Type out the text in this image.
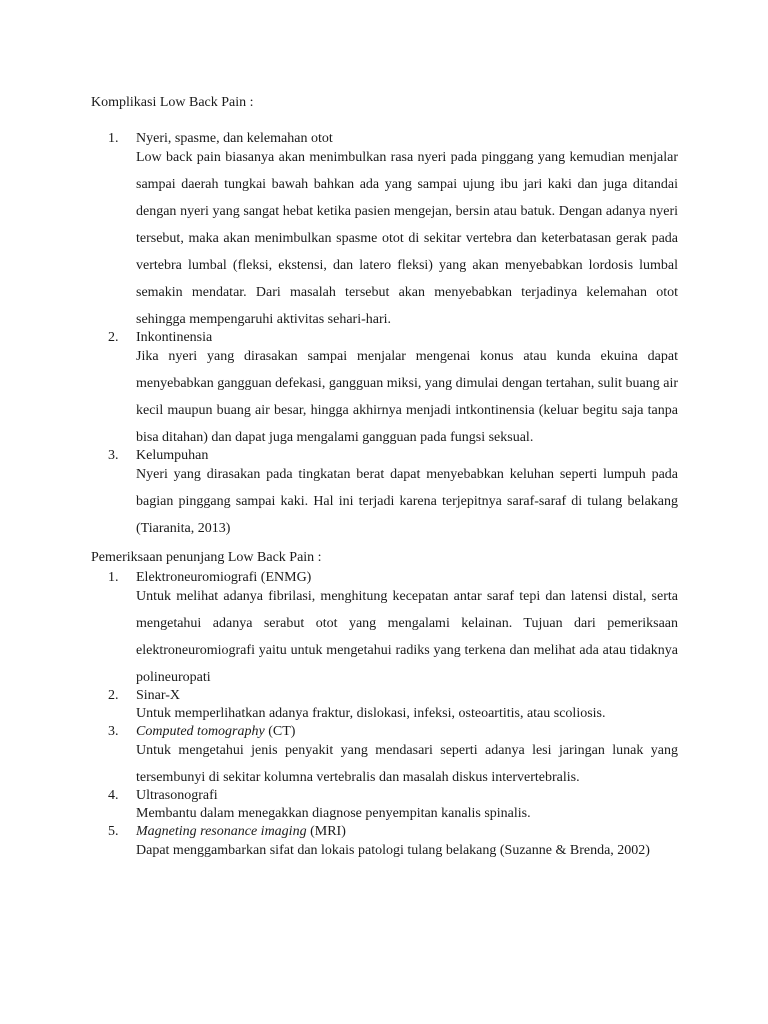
Komplikasi Low Back Pain :
1.	Nyeri, spasme, dan kelemahan otot

Low back pain biasanya akan menimbulkan rasa nyeri pada pinggang yang kemudian menjalar sampai daerah tungkai bawah bahkan ada yang sampai ujung ibu jari kaki dan juga ditandai dengan nyeri yang sangat hebat ketika pasien mengejan, bersin atau batuk. Dengan adanya nyeri tersebut, maka akan menimbulkan spasme otot di sekitar vertebra dan keterbatasan gerak pada vertebra lumbal (fleksi, ekstensi, dan latero fleksi) yang akan menyebabkan lordosis lumbal semakin mendatar. Dari masalah tersebut akan menyebabkan terjadinya kelemahan otot sehingga mempengaruhi aktivitas sehari-hari.

2.	Inkontinensia

Jika nyeri yang dirasakan sampai menjalar mengenai konus atau kunda ekuina dapat menyebabkan gangguan defekasi, gangguan miksi, yang dimulai dengan tertahan, sulit buang air kecil maupun buang air besar, hingga akhirnya menjadi intkontinensia (keluar begitu saja tanpa bisa ditahan) dan dapat juga mengalami gangguan pada fungsi seksual.

3.	Kelumpuhan

Nyeri yang dirasakan pada tingkatan berat dapat menyebabkan keluhan seperti lumpuh pada bagian pinggang sampai kaki. Hal ini terjadi karena terjepitnya saraf-saraf di tulang belakang (Tiaranita, 2013)

Pemeriksaan penunjang Low Back Pain :
1.	Elektroneuromiografi (ENMG)

Untuk melihat adanya fibrilasi, menghitung kecepatan antar saraf tepi dan latensi distal, serta mengetahui adanya serabut otot yang mengalami kelainan. Tujuan dari pemeriksaan elektroneuromiografi yaitu untuk mengetahui radiks yang terkena dan melihat ada atau tidaknya polineuropati

2.	Sinar-X

Untuk memperlihatkan adanya fraktur, dislokasi, infeksi, osteoartitis, atau scoliosis.

3.	Computed tomography (CT)

Untuk mengetahui jenis penyakit yang mendasari seperti adanya lesi jaringan lunak yang tersembunyi di sekitar kolumna vertebralis dan masalah diskus intervertebralis.

4.	Ultrasonografi

Membantu dalam menegakkan diagnose penyempitan kanalis spinalis.

5.	Magneting resonance imaging (MRI)

Dapat menggambarkan sifat dan lokais patologi tulang belakang (Suzanne & Brenda, 2002)
